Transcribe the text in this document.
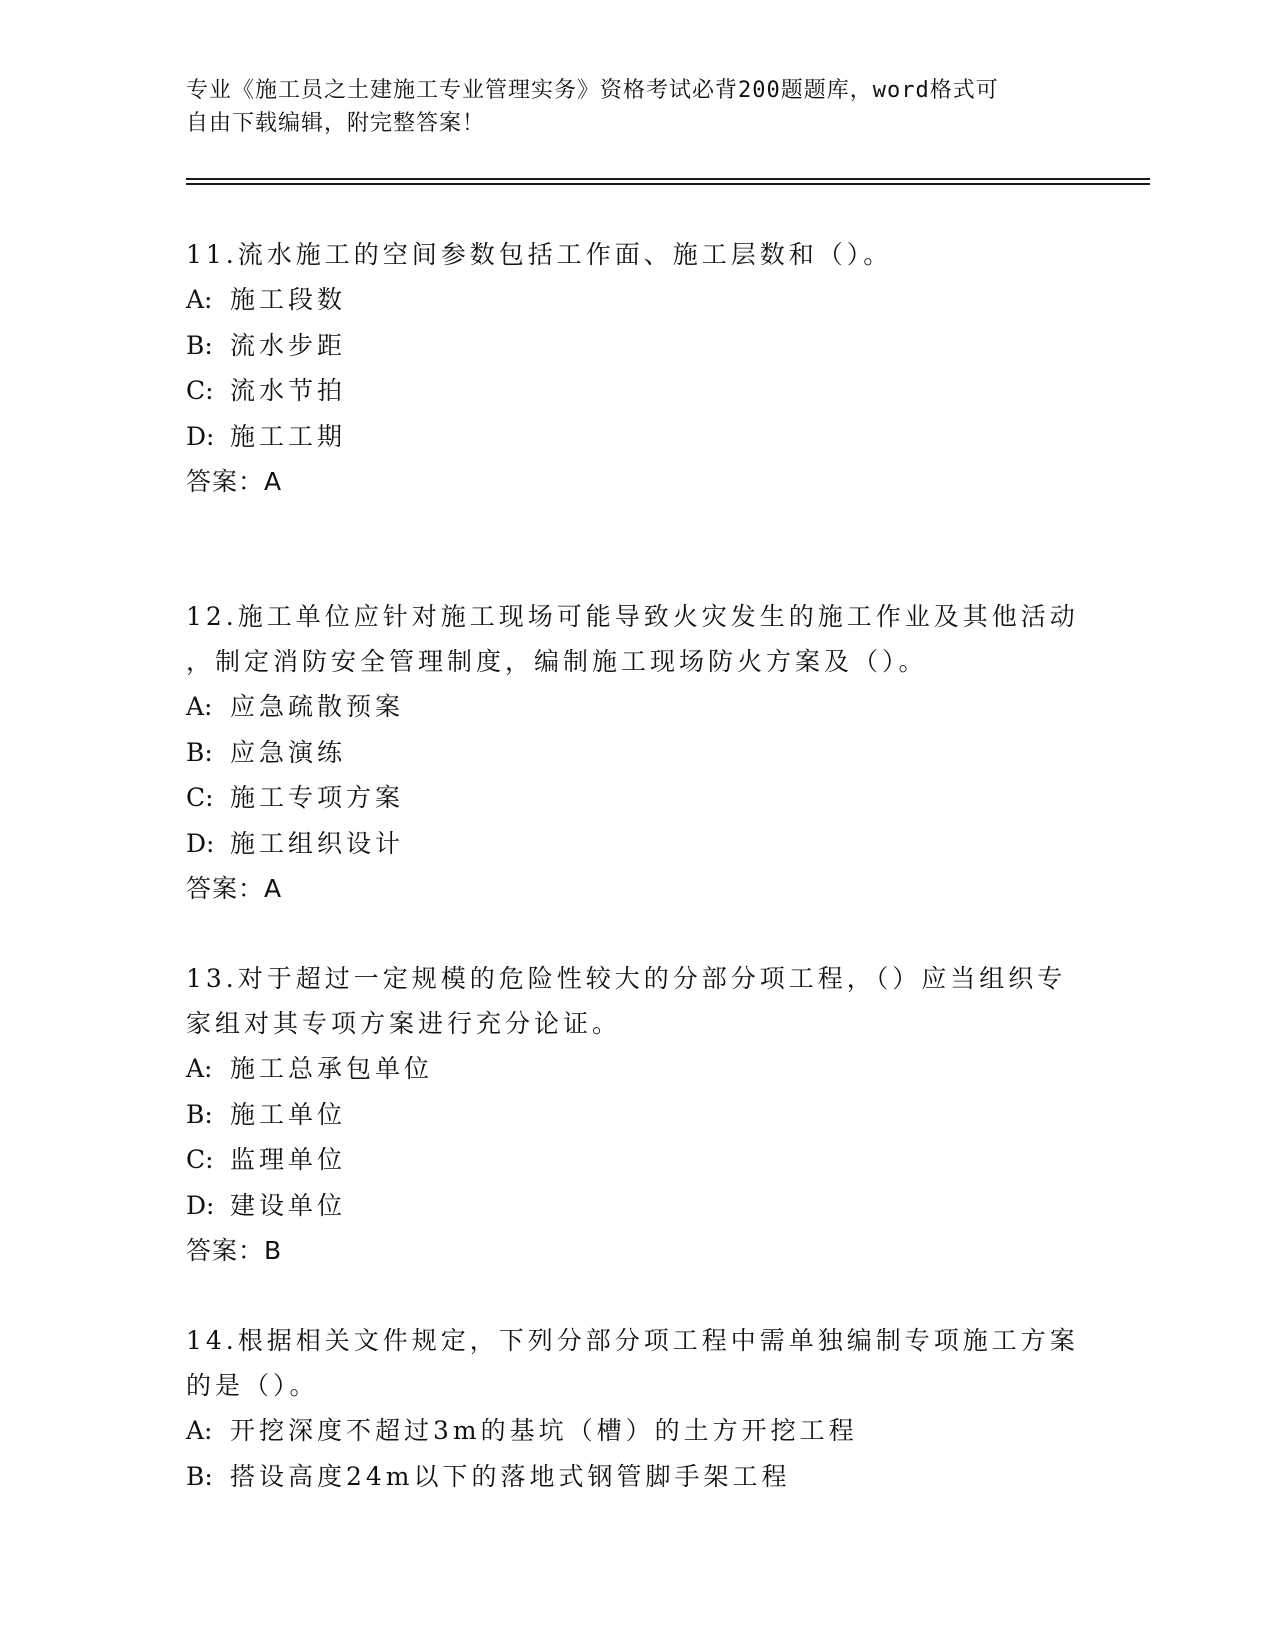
专业《施工员之土建施工专业管理实务》资格考试必背200题题库，word格式可
自由下载编辑，附完整答案！
11.流水施工的空间参数包括工作面、施工层数和（）。
A: 施工段数
B: 流水步距
C: 流水节拍
D: 施工工期
答案：A
12.施工单位应针对施工现场可能导致火灾发生的施工作业及其他活动
，制定消防安全管理制度，编制施工现场防火方案及（）。
A: 应急疏散预案
B: 应急演练
C: 施工专项方案
D: 施工组织设计
答案：A
13.对于超过一定规模的危险性较大的分部分项工程，（）应当组织专
家组对其专项方案进行充分论证。
A: 施工总承包单位
B: 施工单位
C: 监理单位
D: 建设单位
答案：B
14.根据相关文件规定，下列分部分项工程中需单独编制专项施工方案
的是（）。
A: 开挖深度不超过3m的基坑（槽）的土方开挖工程
B: 搭设高度24m以下的落地式钢管脚手架工程
